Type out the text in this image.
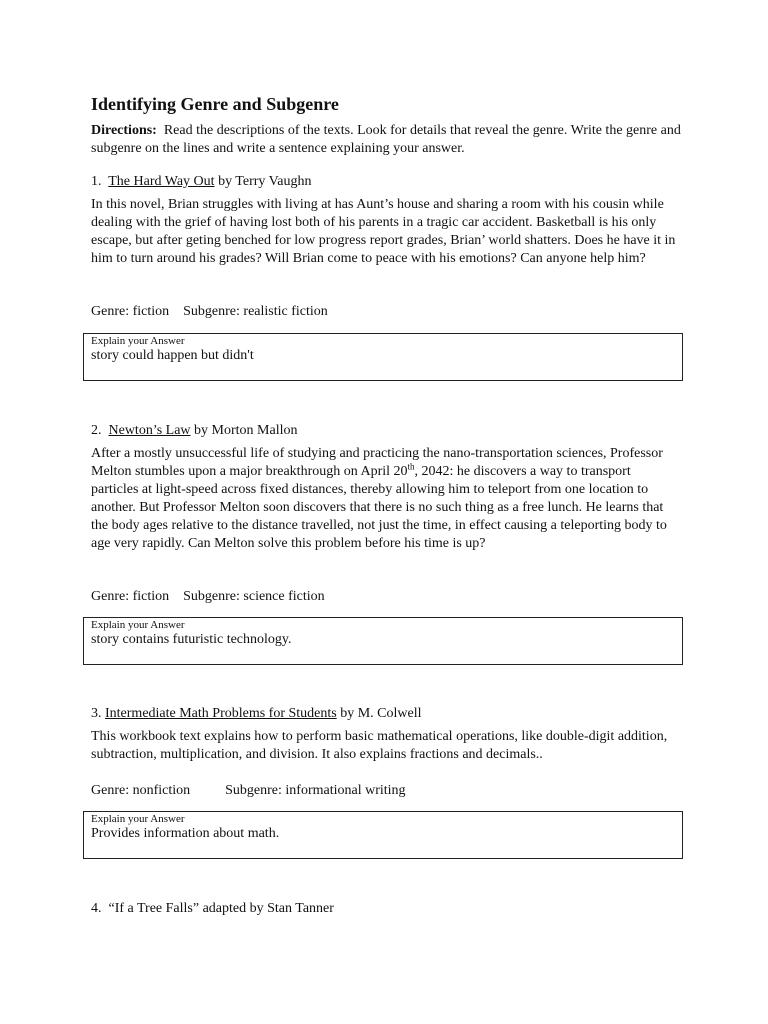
Identifying Genre and Subgenre

Directions: Read the descriptions of the texts. Look for details that reveal the genre. Write the genre and subgenre on the lines and write a sentence explaining your answer.

1. The Hard Way Out by Terry Vaughn

In this novel, Brian struggles with living at has Aunt’s house and sharing a room with his cousin while dealing with the grief of having lost both of his parents in a tragic car accident. Basketball is his only escape, but after geting benched for low progress report grades, Brian’ world shatters. Does he have it in him to turn around his grades? Will Brian come to peace with his emotions? Can anyone help him?

Genre: fiction Subgenre: realistic fiction

Explain your Answer
story could happen but didn't

2. Newton’s Law by Morton Mallon

After a mostly unsuccessful life of studying and practicing the nano-transportation sciences, Professor Melton stumbles upon a major breakthrough on April 20th, 2042: he discovers a way to transport particles at light-speed across fixed distances, thereby allowing him to teleport from one location to another. But Professor Melton soon discovers that there is no such thing as a free lunch. He learns that the body ages relative to the distance travelled, not just the time, in effect causing a teleporting body to age very rapidly. Can Melton solve this problem before his time is up?

Genre: fiction Subgenre: science fiction

Explain your Answer
story contains futuristic technology.

3. Intermediate Math Problems for Students by M. Colwell

This workbook text explains how to perform basic mathematical operations, like double-digit addition, subtraction, multiplication, and division. It also explains fractions and decimals..

Genre: nonfiction	Subgenre: informational writing

Explain your Answer
Provides information about math.

4. “If a Tree Falls” adapted by Stan Tanner
